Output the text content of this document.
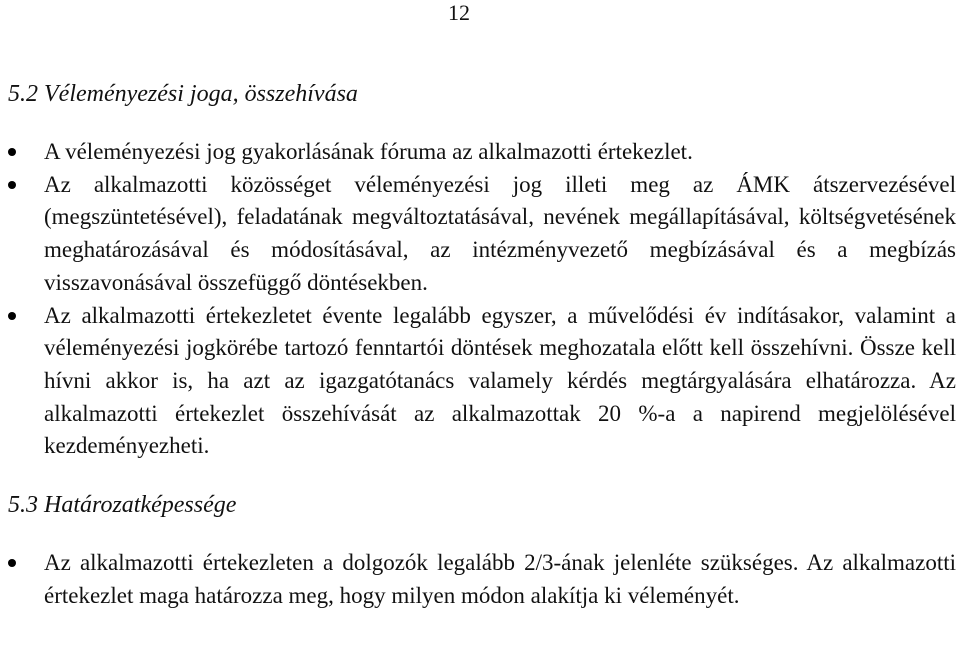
12
5.2 Véleményezési joga, összehívása
A véleményezési jog gyakorlásának fóruma az alkalmazotti értekezlet.
Az alkalmazotti közösséget véleményezési jog illeti meg az ÁMK átszervezésével (megszüntetésével), feladatának megváltoztatásával, nevének megállapításával, költségvetésének meghatározásával és módosításával, az intézményvezető megbízásával és a megbízás visszavonásával összefüggő döntésekben.
Az alkalmazotti értekezletet évente legalább egyszer, a művelődési év indításakor, valamint a véleményezési jogkörébe tartozó fenntartói döntések meghozatala előtt kell összehívni. Össze kell hívni akkor is, ha azt az igazgatótanács valamely kérdés megtárgyalására elhatározza. Az alkalmazotti értekezlet összehívását az alkalmazottak 20 %-a a napirend megjelölésével kezdeményezheti.
5.3 Határozatképessége
Az alkalmazotti értekezleten a dolgozók legalább 2/3-ának jelenléte szükséges. Az alkalmazotti értekezlet maga határozza meg, hogy milyen módon alakítja ki véleményét.
